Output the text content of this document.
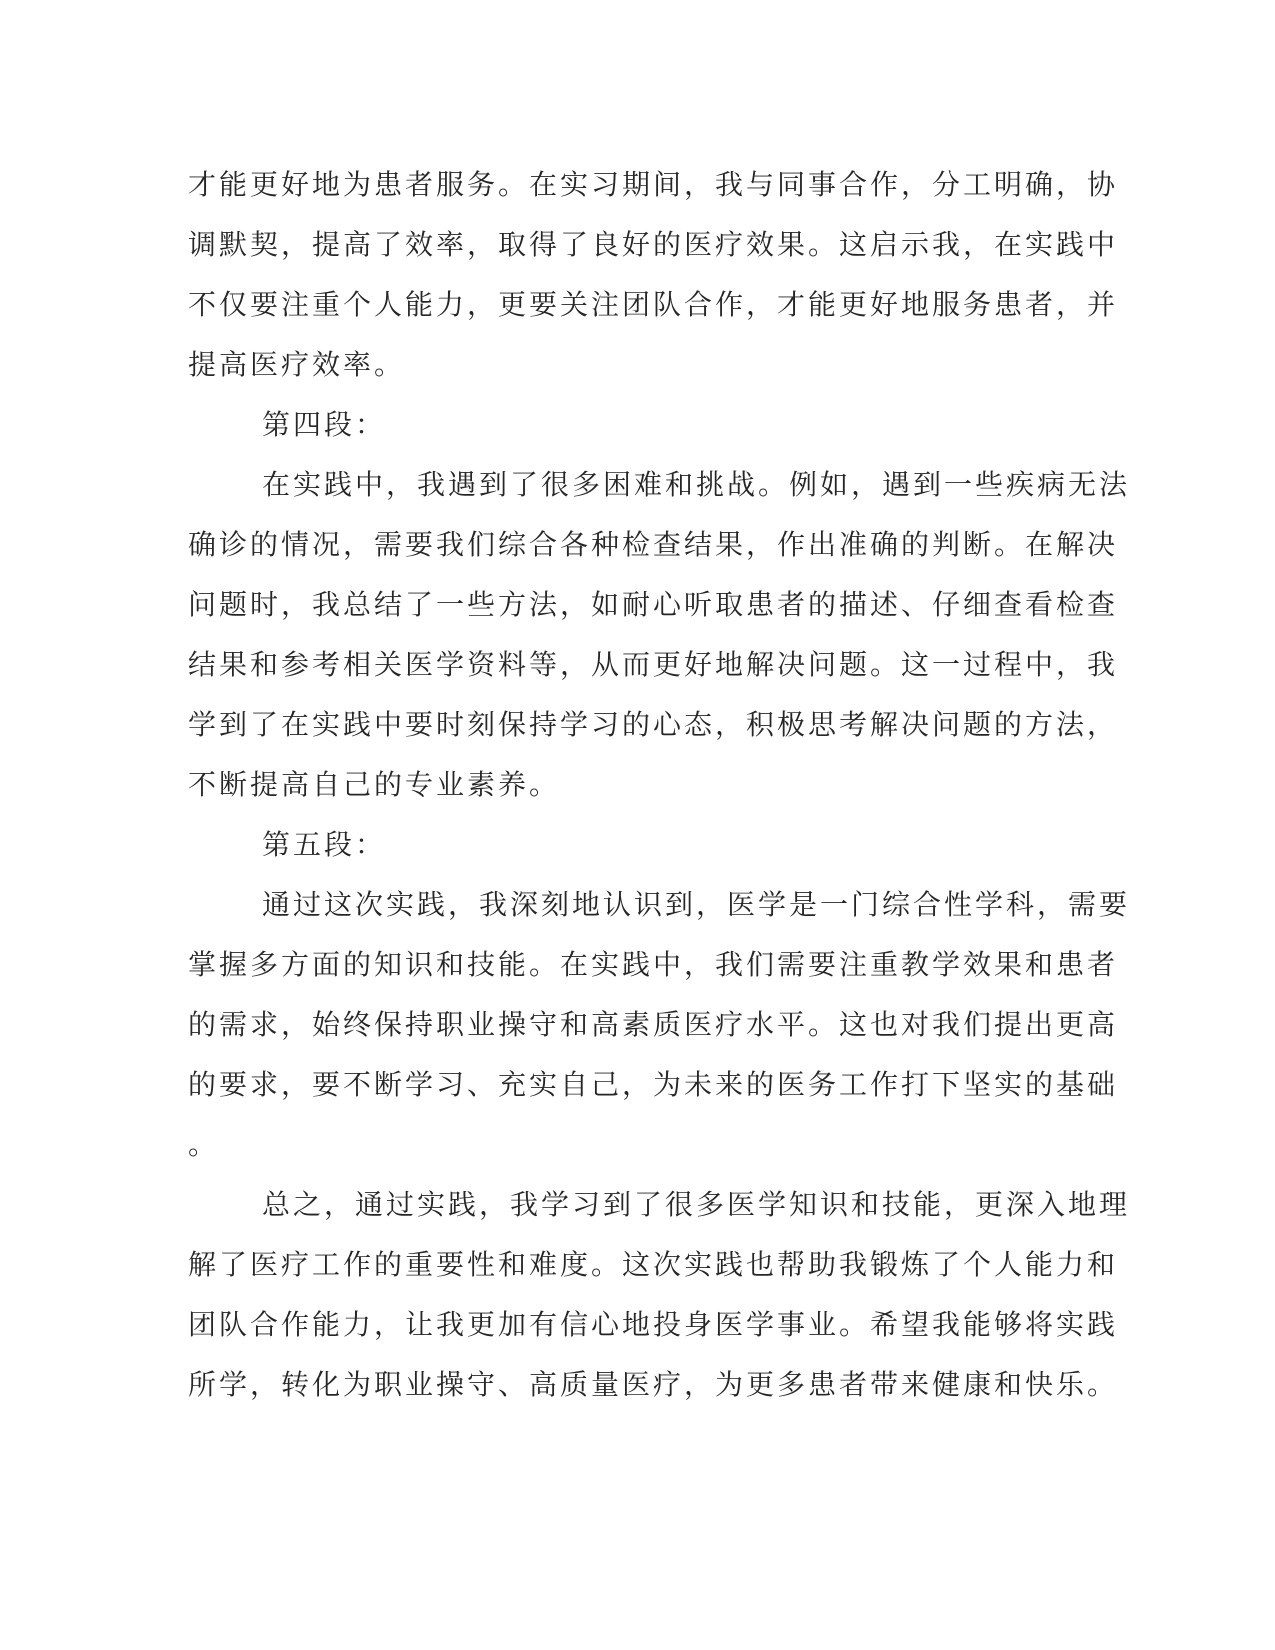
才能更好地为患者服务。在实习期间，我与同事合作，分工明确，协
调默契，提高了效率，取得了良好的医疗效果。这启示我，在实践中
不仅要注重个人能力，更要关注团队合作，才能更好地服务患者，并
提高医疗效率。
第四段：
在实践中，我遇到了很多困难和挑战。例如，遇到一些疾病无法
确诊的情况，需要我们综合各种检查结果，作出准确的判断。在解决
问题时，我总结了一些方法，如耐心听取患者的描述、仔细查看检查
结果和参考相关医学资料等，从而更好地解决问题。这一过程中，我
学到了在实践中要时刻保持学习的心态，积极思考解决问题的方法，
不断提高自己的专业素养。
第五段：
通过这次实践，我深刻地认识到，医学是一门综合性学科，需要
掌握多方面的知识和技能。在实践中，我们需要注重教学效果和患者
的需求，始终保持职业操守和高素质医疗水平。这也对我们提出更高
的要求，要不断学习、充实自己，为未来的医务工作打下坚实的基础
。
总之，通过实践，我学习到了很多医学知识和技能，更深入地理
解了医疗工作的重要性和难度。这次实践也帮助我锻炼了个人能力和
团队合作能力，让我更加有信心地投身医学事业。希望我能够将实践
所学，转化为职业操守、高质量医疗，为更多患者带来健康和快乐。
